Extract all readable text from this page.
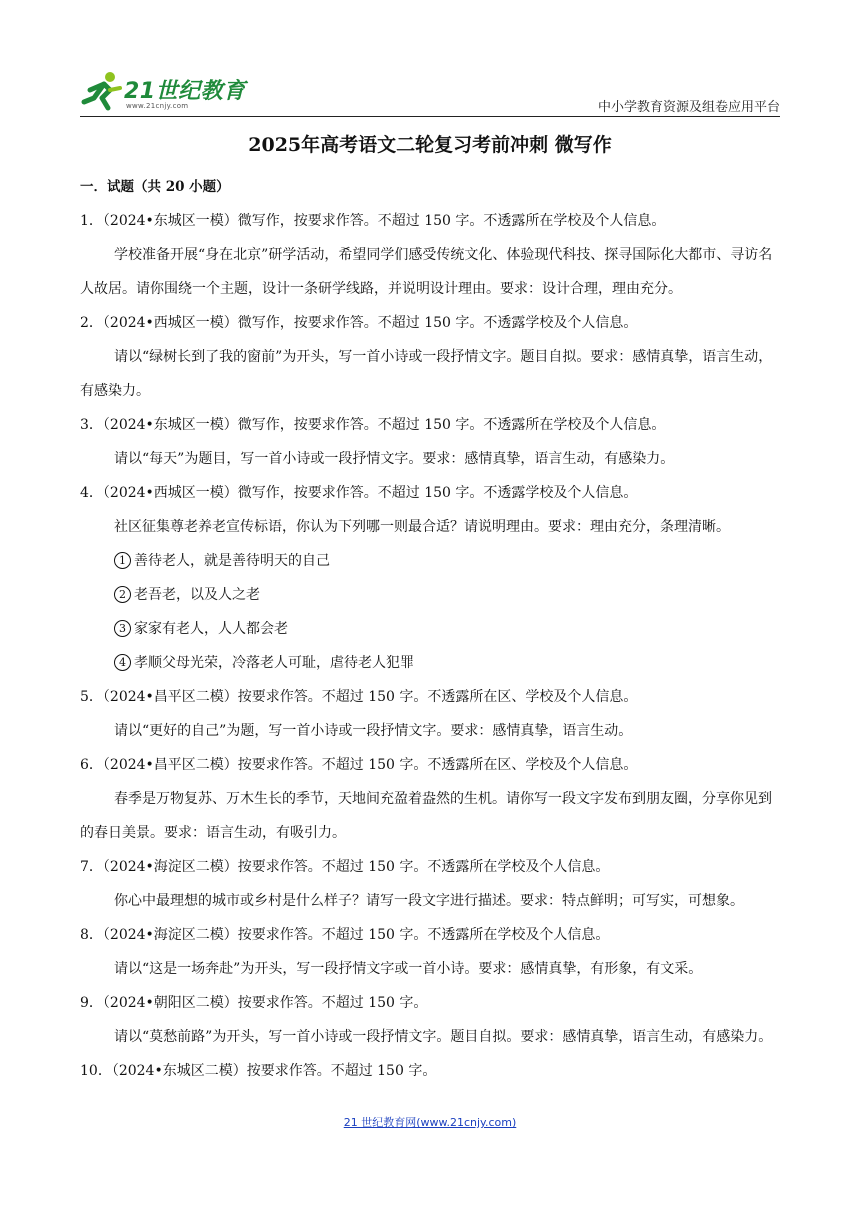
21世纪教育
www.21cnjy.com	中小学教育资源及组卷应用平台
2025年高考语文二轮复习考前冲刺 微写作
一．试题（共 20 小题）

1．（2024•东城区一模）微写作，按要求作答。不超过 150 字。不透露所在学校及个人信息。

学校准备开展“身在北京”研学活动，希望同学们感受传统文化、体验现代科技、探寻国际化大都市、寻访名人故居。请你围绕一个主题，设计一条研学线路，并说明设计理由。要求：设计合理，理由充分。

2．（2024•西城区一模）微写作，按要求作答。不超过 150 字。不透露学校及个人信息。

请以“绿树长到了我的窗前”为开头，写一首小诗或一段抒情文字。题目自拟。要求：感情真挚，语言生动，有感染力。

3．（2024•东城区一模）微写作，按要求作答。不超过 150 字。不透露所在学校及个人信息。

请以“每天”为题目，写一首小诗或一段抒情文字。要求：感情真挚，语言生动，有感染力。

4．（2024•西城区一模）微写作，按要求作答。不超过 150 字。不透露学校及个人信息。

社区征集尊老养老宣传标语，你认为下列哪一则最合适？请说明理由。要求：理由充分，条理清晰。

1 善待老人，就是善待明天的自己

2 老吾老，以及人之老

3 家家有老人，人人都会老

4 孝顺父母光荣，冷落老人可耻，虐待老人犯罪

5．（2024•昌平区二模）按要求作答。不超过 150 字。不透露所在区、学校及个人信息。

请以“更好的自己”为题，写一首小诗或一段抒情文字。要求：感情真挚，语言生动。

6．（2024•昌平区二模）按要求作答。不超过 150 字。不透露所在区、学校及个人信息。

春季是万物复苏、万木生长的季节，天地间充盈着盎然的生机。请你写一段文字发布到朋友圈，分享你见到的春日美景。要求：语言生动，有吸引力。

7．（2024•海淀区二模）按要求作答。不超过 150 字。不透露所在学校及个人信息。

你心中最理想的城市或乡村是什么样子？请写一段文字进行描述。要求：特点鲜明；可写实，可想象。

8．（2024•海淀区二模）按要求作答。不超过 150 字。不透露所在学校及个人信息。

请以“这是一场奔赴”为开头，写一段抒情文字或一首小诗。要求：感情真挚，有形象，有文采。

9．（2024•朝阳区二模）按要求作答。不超过 150 字。

请以“莫愁前路”为开头，写一首小诗或一段抒情文字。题目自拟。要求：感情真挚，语言生动，有感染力。

10．（2024•东城区二模）按要求作答。不超过 150 字。

21 世纪教育网(www.21cnjy.com)
